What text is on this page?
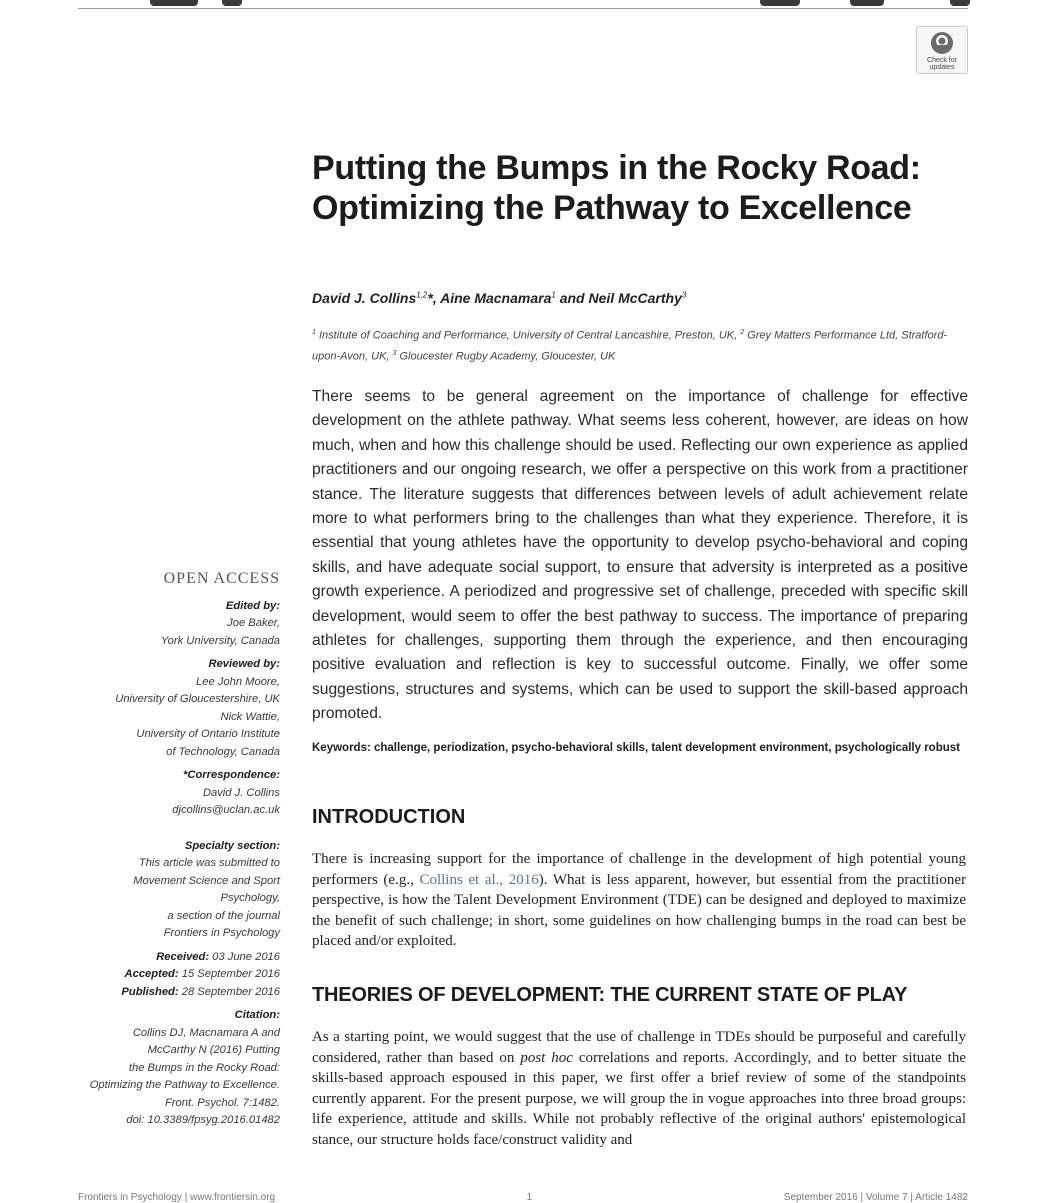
Check for
updates
Putting the Bumps in the Rocky Road: Optimizing the Pathway to Excellence
David J. Collins$^{1,2}$*, Aine Macnamara$^1$ and Neil McCarthy$^3$
$^1$ Institute of Coaching and Performance, University of Central Lancashire, Preston, UK, $^2$ Grey Matters Performance Ltd, Stratford-upon-Avon, UK, $^3$ Gloucester Rugby Academy, Gloucester, UK

There seems to be general agreement on the importance of challenge for effective development on the athlete pathway. What seems less coherent, however, are ideas on how much, when and how this challenge should be used. Reflecting our own experience as applied practitioners and our ongoing research, we offer a perspective on this work from a practitioner stance. The literature suggests that differences between levels of adult achievement relate more to what performers bring to the challenges than what they experience. Therefore, it is essential that young athletes have the opportunity to develop psycho-behavioral and coping skills, and have adequate social support, to ensure that adversity is interpreted as a positive growth experience. A periodized and progressive set of challenge, preceded with specific skill development, would seem to offer the best pathway to success. The importance of preparing athletes for challenges, supporting them through the experience, and then encouraging positive evaluation and reflection is key to successful outcome. Finally, we offer some suggestions, structures and systems, which can be used to support the skill-based approach promoted.

Keywords: challenge, periodization, psycho-behavioral skills, talent development environment, psychologically robust
INTRODUCTION

There is increasing support for the importance of challenge in the development of high potential young performers (e.g., Collins et al., 2016). What is less apparent, however, but essential from the practitioner perspective, is how the Talent Development Environment (TDE) can be designed and deployed to maximize the benefit of such challenge; in short, some guidelines on how challenging bumps in the road can best be placed and/or exploited.

THEORIES OF DEVELOPMENT: THE CURRENT STATE OF PLAY

As a starting point, we would suggest that the use of challenge in TDEs should be purposeful and carefully considered, rather than based on post hoc correlations and reports. Accordingly, and to better situate the skills-based approach espoused in this paper, we first offer a brief review of some of the standpoints currently apparent. For the present purpose, we will group the in vogue approaches into three broad groups: life experience, attitude and skills. While not probably reflective of the original authors' epistemological stance, our structure holds face/construct validity and

OPEN ACCESS
Edited by:
Joe Baker,
York University, Canada
Reviewed by:
Lee John Moore,
University of Gloucestershire, UK
Nick Wattie,
University of Ontario Institute
of Technology, Canada
*Correspondence:
David J. Collins
djcollins@uclan.ac.uk
Specialty section:
This article was submitted to
Movement Science and Sport
Psychology,
a section of the journal
Frontiers in Psychology
Received: 03 June 2016
Accepted: 15 September 2016
Published: 28 September 2016
Citation:
Collins DJ, Macnamara A and
McCarthy N (2016) Putting
the Bumps in the Rocky Road:
Optimizing the Pathway to Excellence.
Front. Psychol. 7:1482.
doi: 10.3389/fpsyg.2016.01482
Frontiers in Psychology | www.frontiersin.org	1	September 2016 | Volume 7 | Article 1482
